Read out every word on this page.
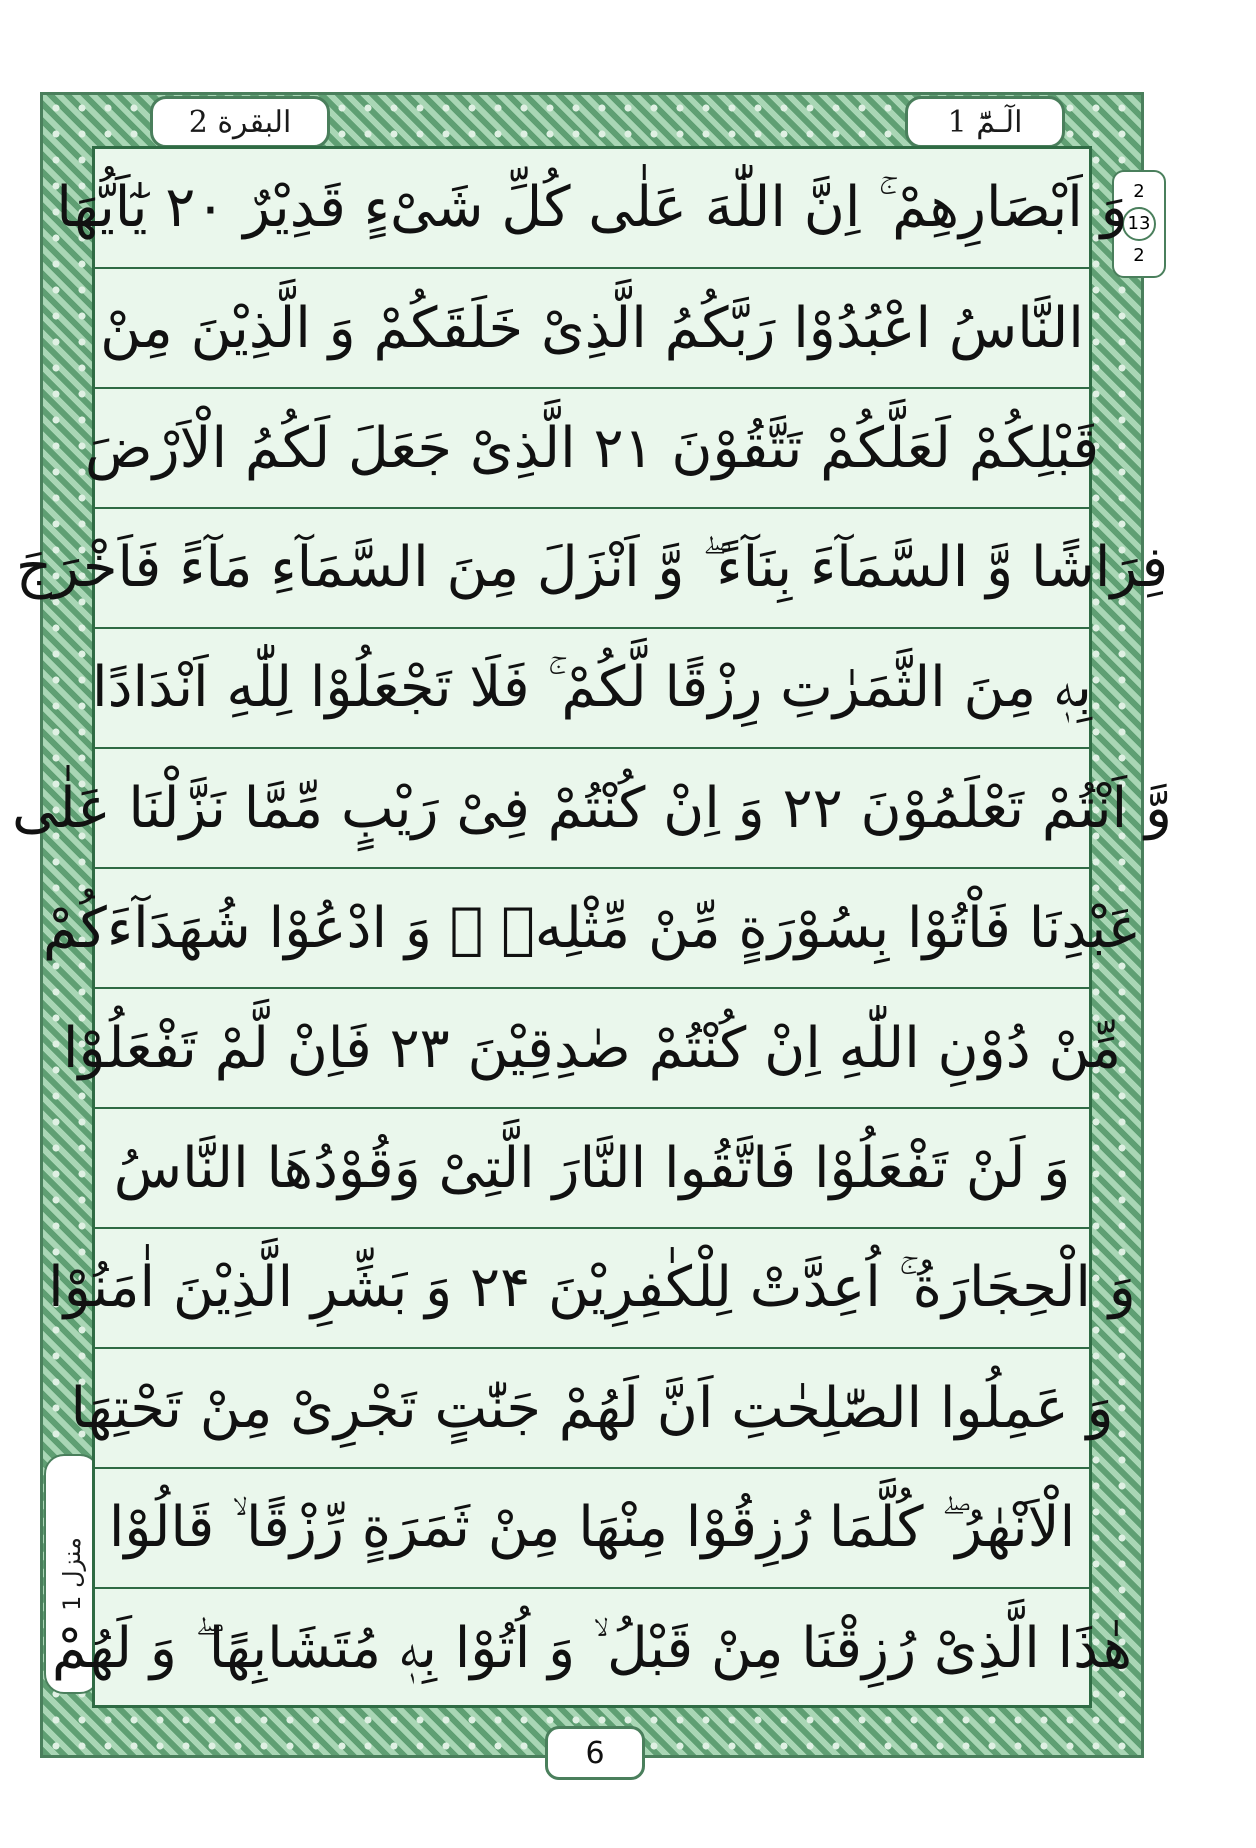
البقرة 2	الٓـمّٓ 1
2
13
2
منزل 1
وَ اَبْصَارِهِمْ ۚ اِنَّ اللّٰهَ عَلٰى كُلِّ شَىْءٍ قَدِيْرٌ ۲۰ يٰٓاَيُّهَا
النَّاسُ اعْبُدُوْا رَبَّكُمُ الَّذِىْ خَلَقَكُمْ وَ الَّذِيْنَ مِنْ
قَبْلِكُمْ لَعَلَّكُمْ تَتَّقُوْنَ ۲۱ الَّذِىْ جَعَلَ لَكُمُ الْاَرْضَ
فِرَاشًا وَّ السَّمَآءَ بِنَآءً ۖ وَّ اَنْزَلَ مِنَ السَّمَآءِ مَآءً فَاَخْرَجَ
بِهٖ مِنَ الثَّمَرٰتِ رِزْقًا لَّكُمْ ۚ فَلَا تَجْعَلُوْا لِلّٰهِ اَنْدَادًا
وَّ اَنْتُمْ تَعْلَمُوْنَ ۲۲ وَ اِنْ كُنْتُمْ فِىْ رَيْبٍ مِّمَّا نَزَّلْنَا عَلٰى
عَبْدِنَا فَاْتُوْا بِسُوْرَةٍ مِّنْ مِّثْلِهٖ ۖ وَ ادْعُوْا شُهَدَآءَكُمْ
مِّنْ دُوْنِ اللّٰهِ اِنْ كُنْتُمْ صٰدِقِيْنَ ۲۳ فَاِنْ لَّمْ تَفْعَلُوْا
وَ لَنْ تَفْعَلُوْا فَاتَّقُوا النَّارَ الَّتِىْ وَقُوْدُهَا النَّاسُ
وَ الْحِجَارَةُ ۚ اُعِدَّتْ لِلْكٰفِرِيْنَ ۲۴ وَ بَشِّرِ الَّذِيْنَ اٰمَنُوْا
وَ عَمِلُوا الصّٰلِحٰتِ اَنَّ لَهُمْ جَنّٰتٍ تَجْرِىْ مِنْ تَحْتِهَا
الْاَنْهٰرُ ۖ كُلَّمَا رُزِقُوْا مِنْهَا مِنْ ثَمَرَةٍ رِّزْقًا ۙ قَالُوْا
هٰذَا الَّذِىْ رُزِقْنَا مِنْ قَبْلُ ۙ وَ اُتُوْا بِهٖ مُتَشَابِهًا ۖ وَ لَهُمْ
6
